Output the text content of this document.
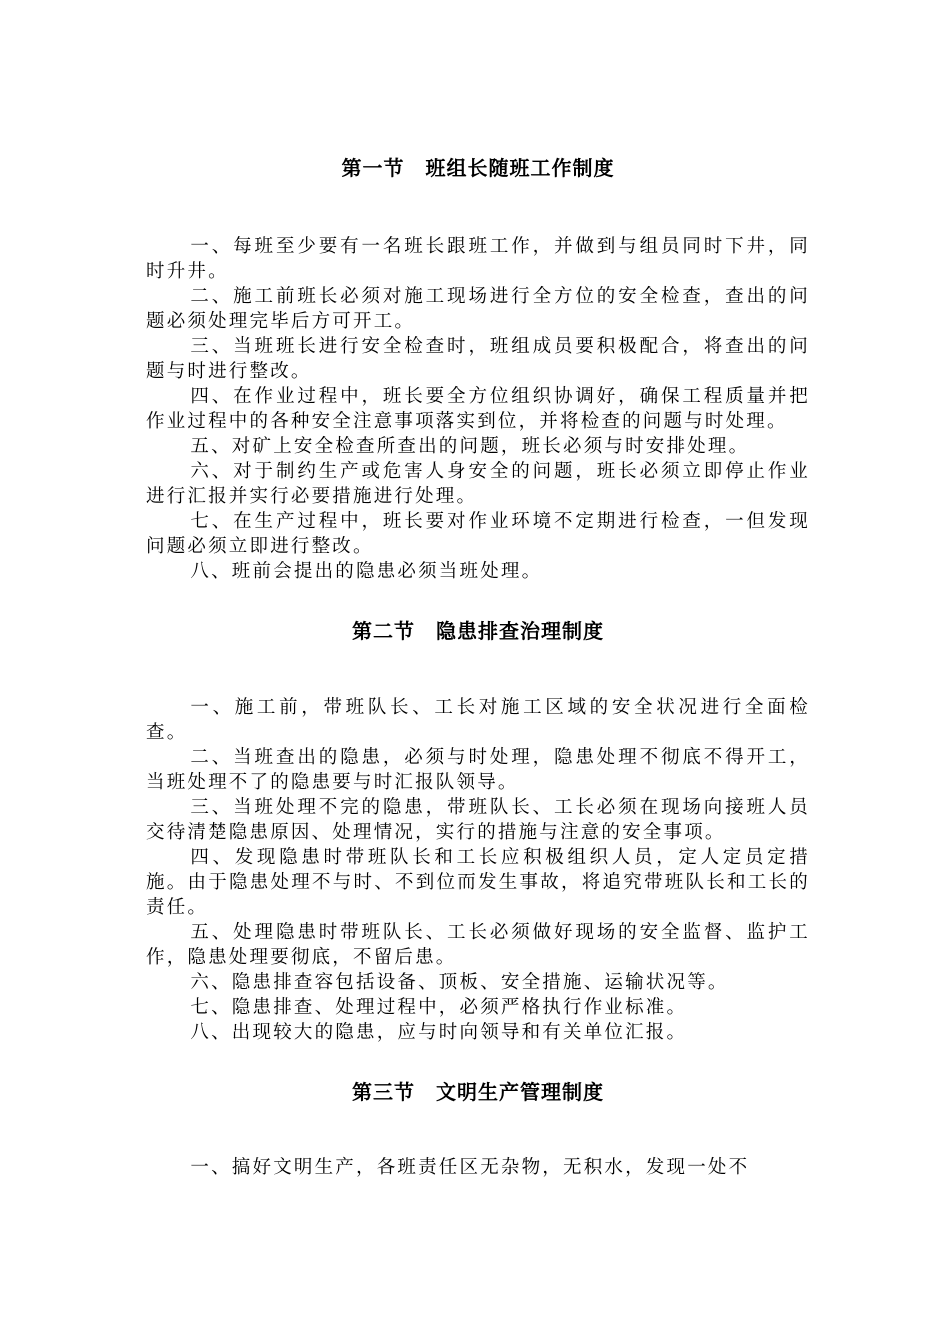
第一节　班组长随班工作制度

一、每班至少要有一名班长跟班工作，并做到与组员同时下井，同时升井。

二、施工前班长必须对施工现场进行全方位的安全检查，查出的问题必须处理完毕后方可开工。

三、当班班长进行安全检查时，班组成员要积极配合，将查出的问题与时进行整改。

四、在作业过程中，班长要全方位组织协调好，确保工程质量并把作业过程中的各种安全注意事项落实到位，并将检查的问题与时处理。

五、对矿上安全检查所查出的问题，班长必须与时安排处理。

六、对于制约生产或危害人身安全的问题，班长必须立即停止作业进行汇报并实行必要措施进行处理。

七、在生产过程中，班长要对作业环境不定期进行检查，一但发现问题必须立即进行整改。

八、班前会提出的隐患必须当班处理。

第二节　隐患排查治理制度

一、施工前，带班队长、工长对施工区域的安全状况进行全面检查。

二、当班查出的隐患，必须与时处理，隐患处理不彻底不得开工，当班处理不了的隐患要与时汇报队领导。

三、当班处理不完的隐患，带班队长、工长必须在现场向接班人员交待清楚隐患原因、处理情况，实行的措施与注意的安全事项。

四、发现隐患时带班队长和工长应积极组织人员，定人定员定措施。由于隐患处理不与时、不到位而发生事故，将追究带班队长和工长的责任。

五、处理隐患时带班队长、工长必须做好现场的安全监督、监护工作，隐患处理要彻底，不留后患。

六、隐患排查容包括设备、顶板、安全措施、运输状况等。

七、隐患排查、处理过程中，必须严格执行作业标准。

八、出现较大的隐患，应与时向领导和有关单位汇报。

第三节　文明生产管理制度

一、搞好文明生产，各班责任区无杂物，无积水，发现一处不
